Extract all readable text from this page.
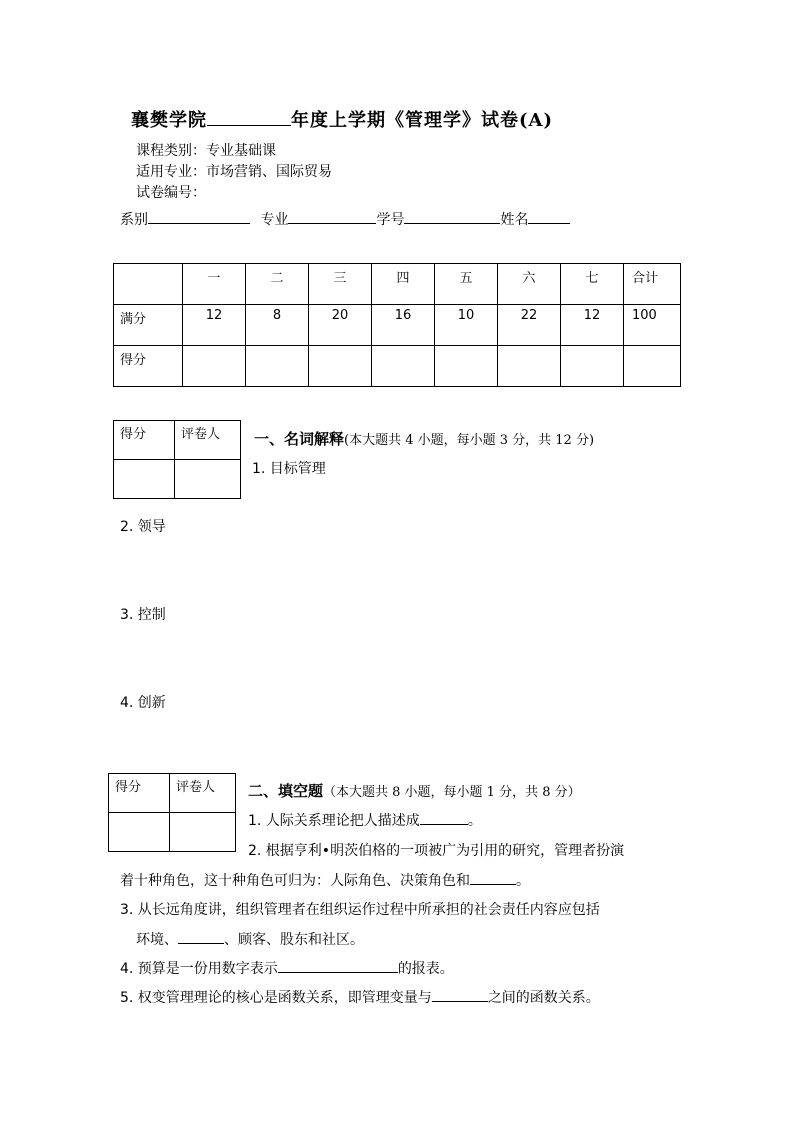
襄樊学院	年度上学期《管理学》试卷(A)
课程类别：专业基础课
适用专业：市场营销、国际贸易
试卷编号：
系别	专业	学号	姓名
	一	二	三	四	五	六	七	合计
满分	12	8	20	16	10	22	12	100
得分								
得分	评卷人
	一、名词解释(本大题共 4 小题，每小题 3 分，共 12 分)
1. 目标管理
2. 领导
3. 控制
4. 创新
得分	评卷人
	二、填空题（本大题共 8 小题，每小题 1 分，共 8 分）
1. 人际关系理论把人描述成	。
2. 根据亨利•明茨伯格的一项被广为引用的研究，管理者扮演
着十种角色，这十种角色可归为：人际角色、决策角色和	。
3. 从长远角度讲，组织管理者在组织运作过程中所承担的社会责任内容应包括
环境、	、顾客、股东和社区。
4. 预算是一份用数字表示	的报表。
5. 权变管理理论的核心是函数关系，即管理变量与	之间的函数关系。
